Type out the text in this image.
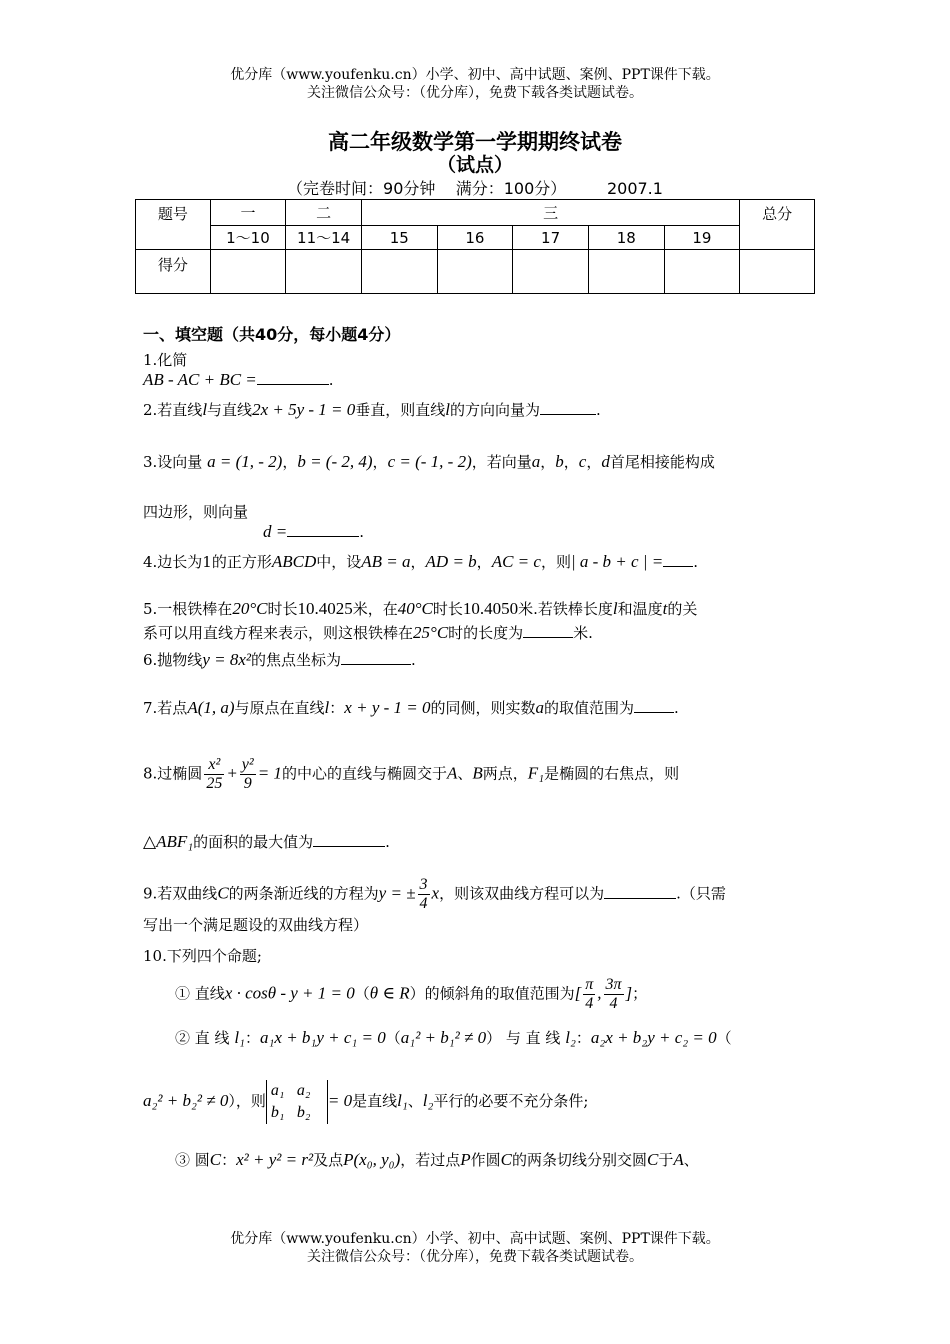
优分库（www.youfenku.cn）小学、初中、高中试题、案例、PPT课件下载。
关注微信公众号：（优分库），免费下载各类试题试卷。
高二年级数学第一学期期终试卷
（试点）
（完卷时间：90分钟    满分：100分）        2007.1
题号	一	二	三					总分
	1～10	11～14	15	16	17	18	19	
得分								
一、填空题（共40分，每小题4分）
1.化简
AB - AC + BC =	.
2.若直线l与直线2x + 5y - 1 = 0垂直，则直线l的方向向量为	.
3.设向量 a = (1, - 2)，b = (- 2, 4)，c = (- 1, - 2)，若向量a，b，c，d首尾相接能构成
四边形，则向量
d =	.
4.边长为1的正方形ABCD中，设AB = a，AD = b，AC = c，则| a - b + c | = .
5.一根铁棒在20°C时长10.4025米，在40°C时长10.4050米.若铁棒长度l和温度t的关
系可以用直线方程来表示，则这根铁棒在25°C时的长度为	米.
6.抛物线y = 8x²的焦点坐标为	.
7.若点A(1, a)与原点在直线l：x + y - 1 = 0的同侧，则实数a的取值范围为	.
8.过椭圆 $\frac{\text{x²}}{25} + \frac{\text{y²}}{9} = 1$的中心的直线与椭圆交于A、B两点，F₁是椭圆的右焦点，则
△ABF₁的面积的最大值为	.
9.若双曲线C的两条渐近线的方程为y = ± $\frac{3}{4}$ x，则该双曲线方程可以为	.（只需
写出一个满足题设的双曲线方程）
10.下列四个命题;
① 直线x · cosθ - y + 1 = 0（θ ∈ R）的倾斜角的取值范围为[ $\frac{\pi}{4}$ , $\frac{3\pi}{4}$ ]；
② 直 线 l₁：a₁x + b₁y + c₁ = 0（a₁² + b₁² ≠ 0） 与 直 线 l₂：a₂x + b₂y + c₂ = 0（
a₂² + b₂² ≠ 0），则a₁ a₂
b₁ b₂= 0是直线l₁、l₂平行的必要不充分条件;
③ 圆C：x² + y² = r²及点P(x₀, y₀)，若过点P作圆C的两条切线分别交圆C于A、
优分库（www.youfenku.cn）小学、初中、高中试题、案例、PPT课件下载。
关注微信公众号：（优分库），免费下载各类试题试卷。
